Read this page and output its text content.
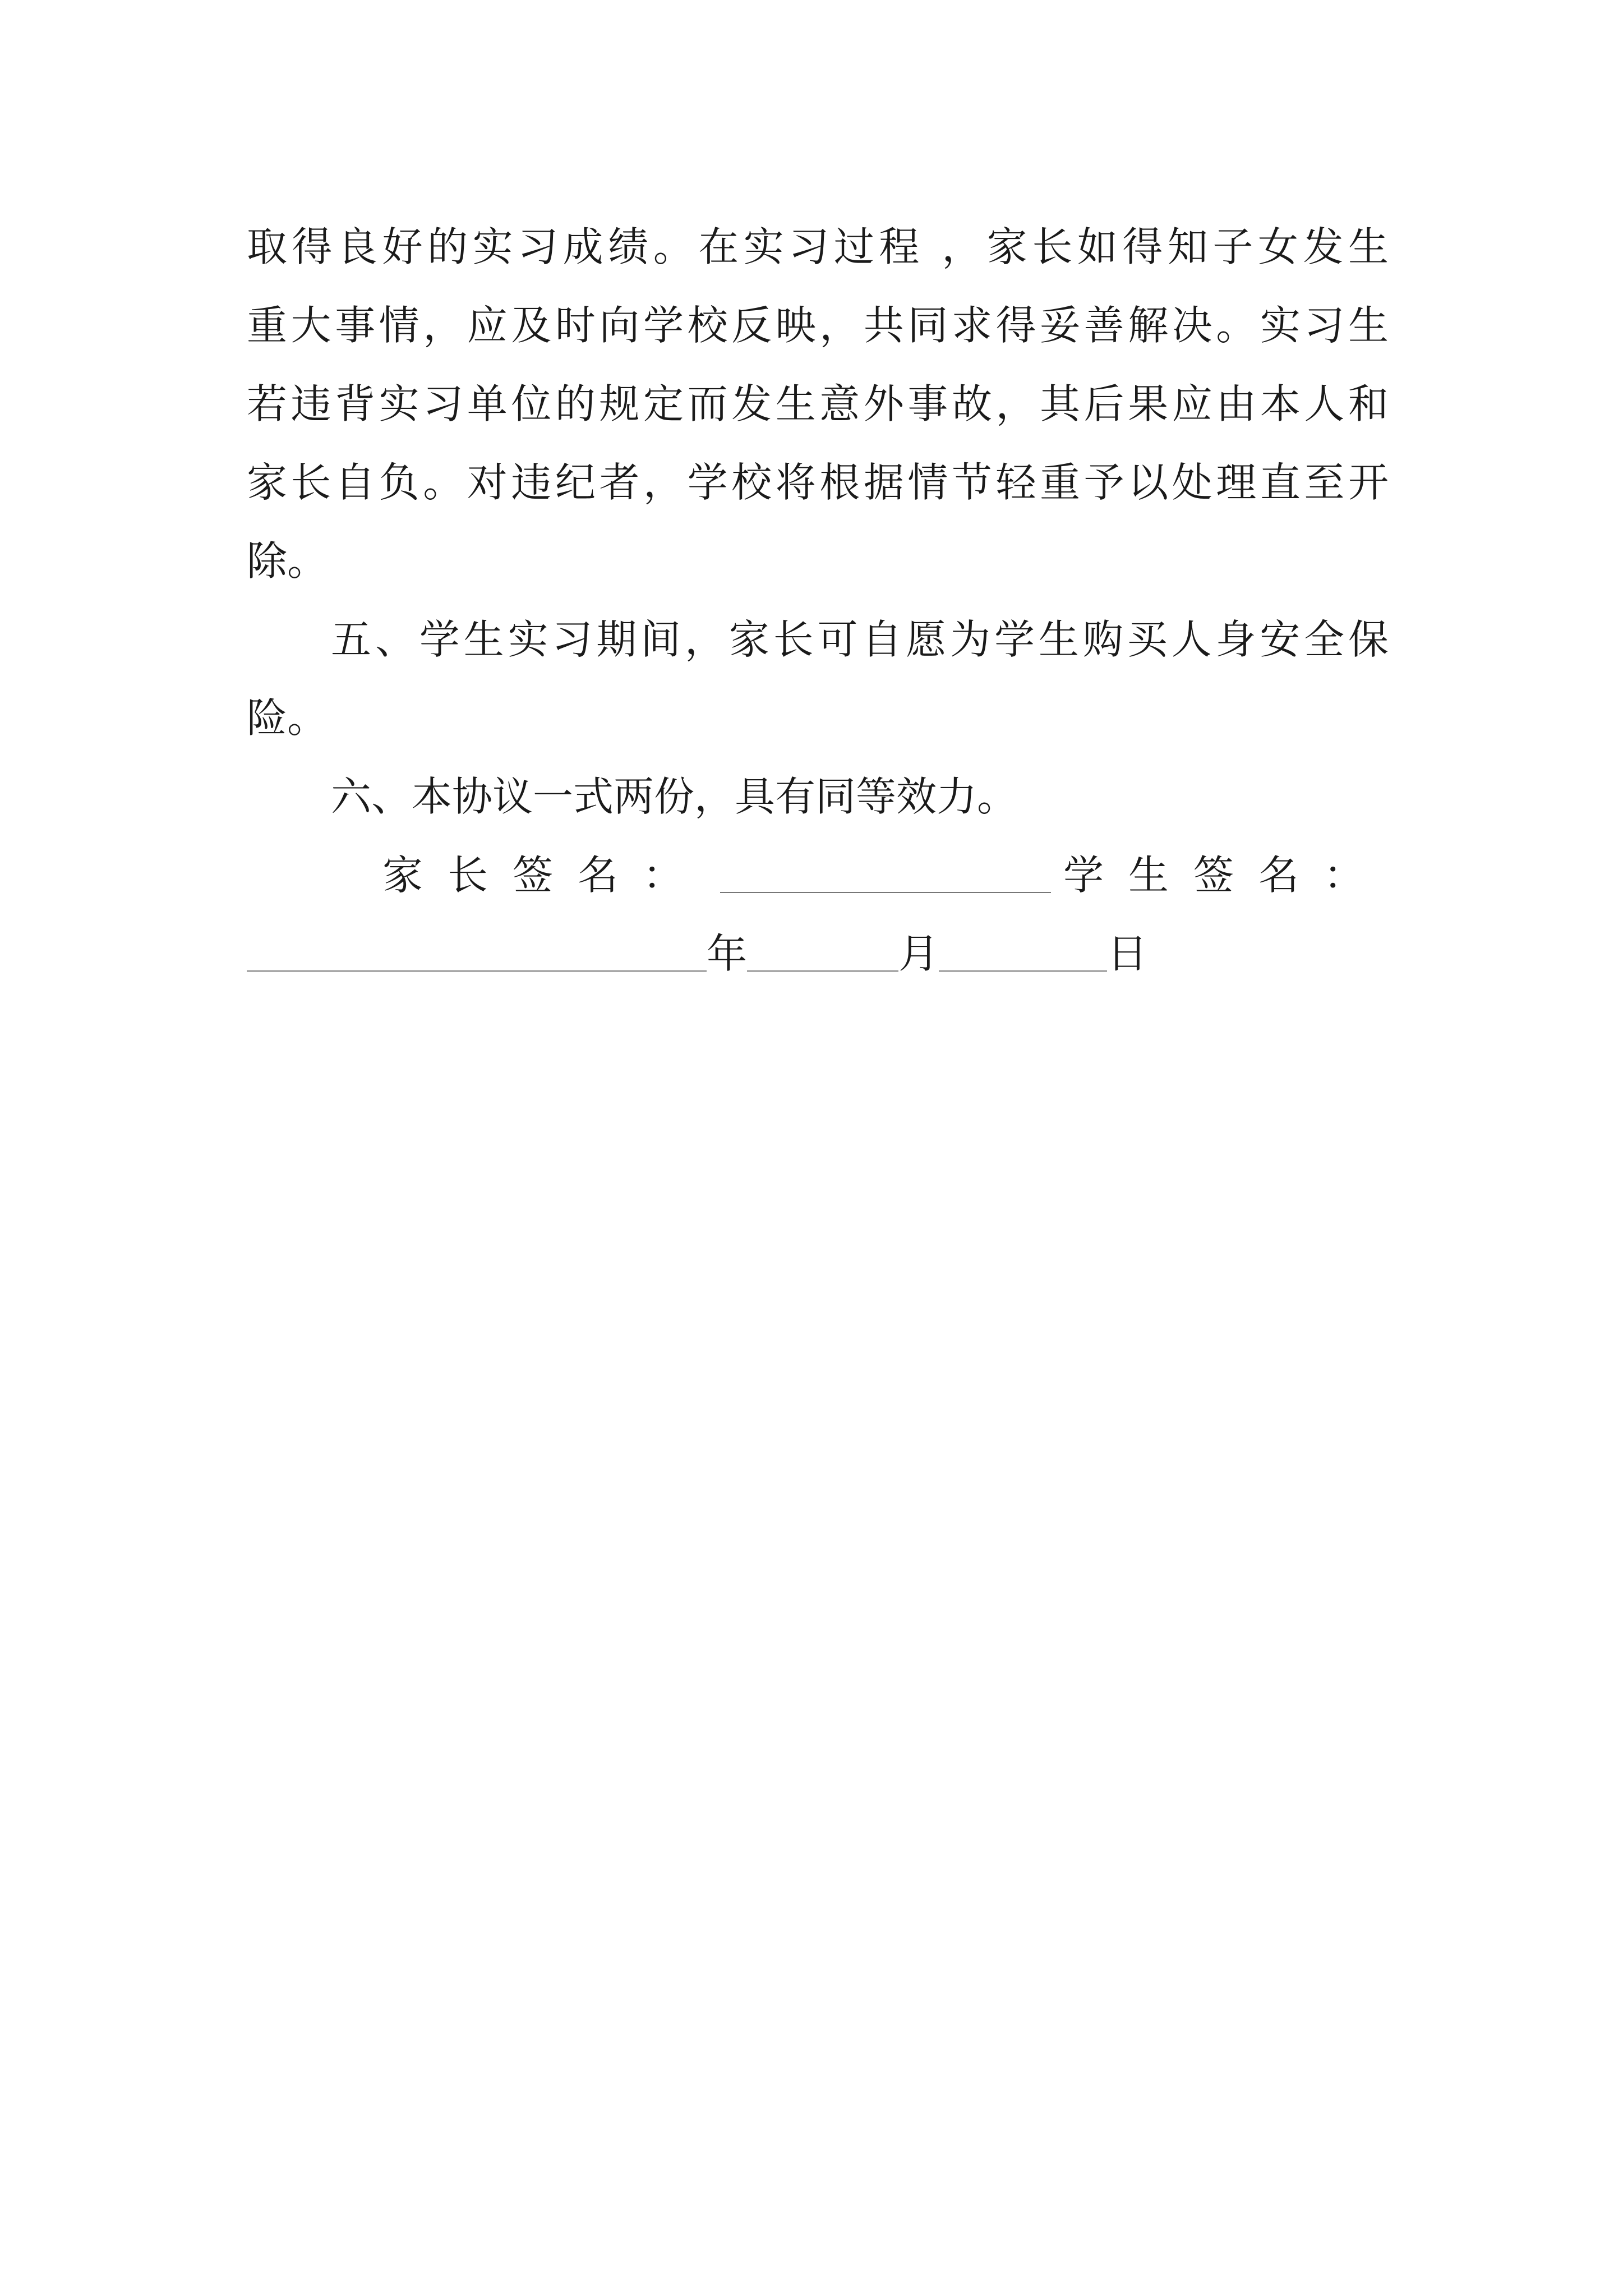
取得良好的实习成绩。在实习过程 ，家长如得知子女发生
重大事情，应及时向学校反映，共同求得妥善解决。实习生
若违背实习单位的规定而发生意外事故，其后果应由本人和
家长自负。对违纪者，学校将根据情节轻重予以处理直至开
除。
五、学生实习期间，家长可自愿为学生购买人身安全保
险。
六、本协议一式两份，具有同等效力。
家长签名：	学生签名：
年	月	日
